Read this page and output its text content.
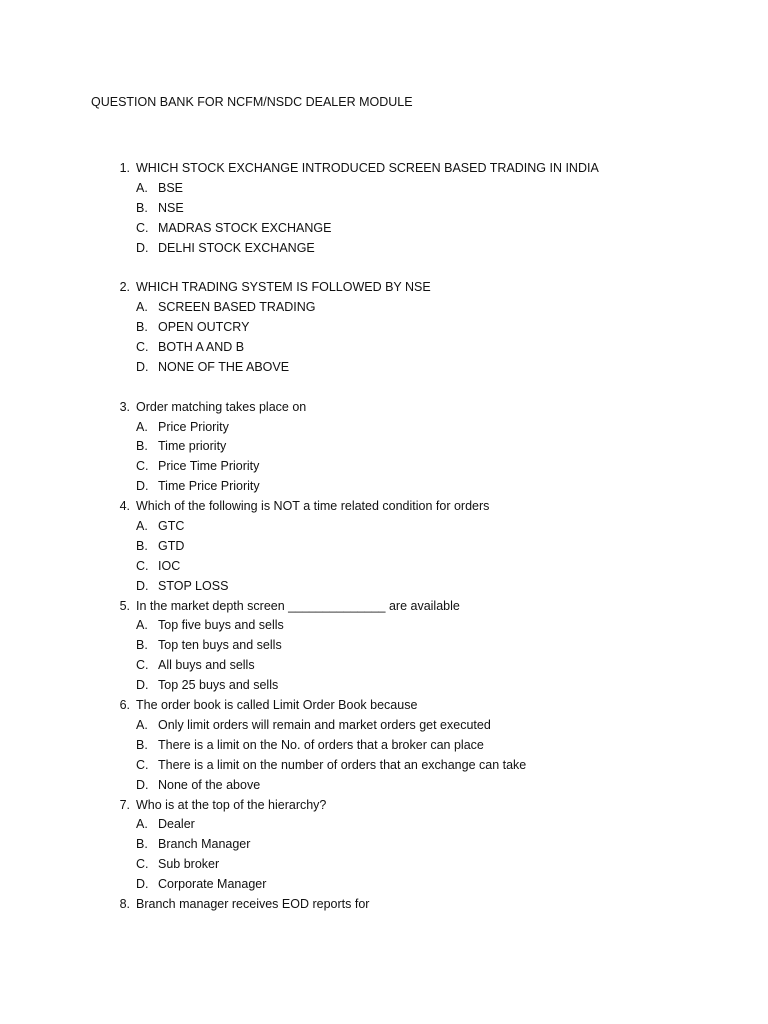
QUESTION BANK FOR NCFM/NSDC DEALER MODULE
1. WHICH STOCK EXCHANGE INTRODUCED SCREEN BASED TRADING IN INDIA
A. BSE
B. NSE
C. MADRAS STOCK EXCHANGE
D. DELHI STOCK EXCHANGE
2. WHICH TRADING SYSTEM IS FOLLOWED BY NSE
A. SCREEN BASED TRADING
B. OPEN OUTCRY
C. BOTH A AND B
D. NONE OF THE ABOVE
3. Order matching takes place on
A. Price Priority
B. Time priority
C. Price Time Priority
D. Time Price Priority
4. Which of the following is NOT a time related condition for orders
A. GTC
B. GTD
C. IOC
D. STOP LOSS
5. In the market depth screen ______________ are available
A. Top five buys and sells
B. Top ten buys and sells
C. All buys and sells
D. Top 25 buys and sells
6. The order book is called Limit Order Book because
A. Only limit orders will remain and market orders get executed
B. There is a limit on the No. of orders that a broker can place
C. There is a limit on the number of orders that an exchange can take
D. None of the above
7. Who is at the top of the hierarchy?
A. Dealer
B. Branch Manager
C. Sub broker
D. Corporate Manager
8. Branch manager receives EOD reports for
